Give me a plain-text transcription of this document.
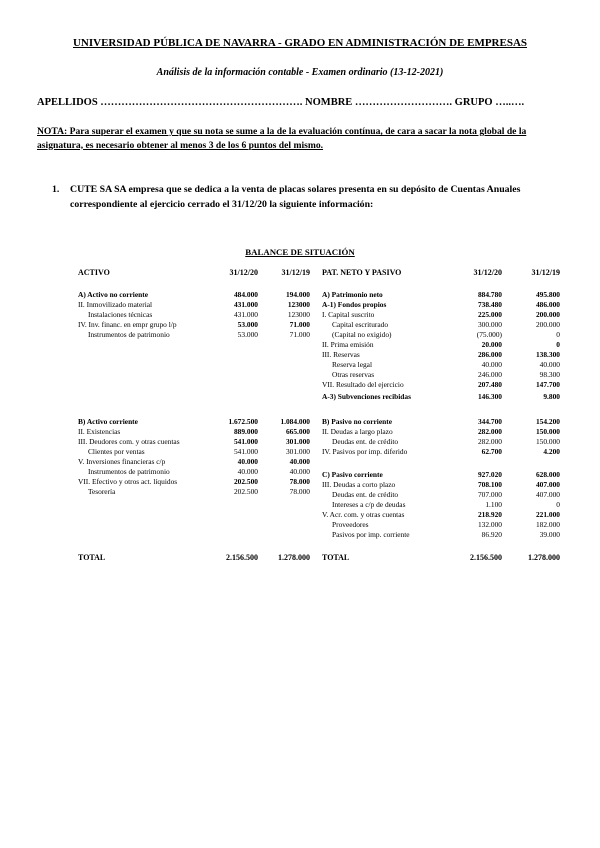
UNIVERSIDAD PÚBLICA DE NAVARRA - GRADO EN ADMINISTRACIÓN DE EMPRESAS
Análisis de la información contable - Examen ordinario (13-12-2021)
APELLIDOS …………………………………………………. NOMBRE ………………………. GRUPO …..….
NOTA: Para superar el examen y que su nota se sume a la de la evaluación contínua, de cara a sacar la nota global de la asignatura, es necesario obtener al menos 3 de los 6 puntos del mismo.
1. CUTE SA SA empresa que se dedica a la venta de placas solares presenta en su depósito de Cuentas Anuales correspondiente al ejercicio cerrado el 31/12/20 la siguiente información:
BALANCE DE SITUACIÓN
ACTIVO	31/12/20	31/12/19
A) Activo no corriente	484.000	194.000
II. Inmovilizado material	431.000	123000
Instalaciones técnicas	431.000	123000
IV. Inv. financ. en empr grupo l/p	53.000	71.000
Instrumentos de patrimonio	53.000	71.000
B) Activo corriente	1.672.500	1.084.000
II. Existencias	889.000	665.000
III. Deudores com. y otras cuentas	541.000	301.000
Clientes por ventas	541.000	301.000
V. Inversiones financieras c/p	40.000	40.000
Instrumentos de patrimonio	40.000	40.000
VII. Efectivo y otros act. líquidos	202.500	78.000
Tesorería	202.500	78.000
TOTAL	2.156.500	1.278.000
PAT. NETO Y PASIVO	31/12/20	31/12/19
A) Patrimonio neto	884.780	495.800
A-1) Fondos propios	738.480	486.000
I. Capital suscrito	225.000	200.000
Capital escriturado	300.000	200.000
(Capital no exigido)	(75.000)	0
II. Prima emisión	20.000	0
III. Reservas	286.000	138.300
Reserva legal	40.000	40.000
Otras reservas	246.000	98.300
VII. Resultado del ejercicio	207.480	147.700
A-3) Subvenciones recibidas	146.300	9.800
B) Pasivo no corriente	344.700	154.200
II. Deudas a largo plazo	282.000	150.000
Deudas ent. de crédito	282.000	150.000
IV. Pasivos por imp. diferido	62.700	4.200
C) Pasivo corriente	927.020	628.000
III. Deudas a corto plazo	708.100	407.000
Deudas ent. de crédito	707.000	407.000
Intereses a c/p de deudas	1.100	0
V. Acr. com. y otras cuentas	218.920	221.000
Proveedores	132.000	182.000
Pasivos por imp. corriente	86.920	39.000
TOTAL	2.156.500	1.278.000
